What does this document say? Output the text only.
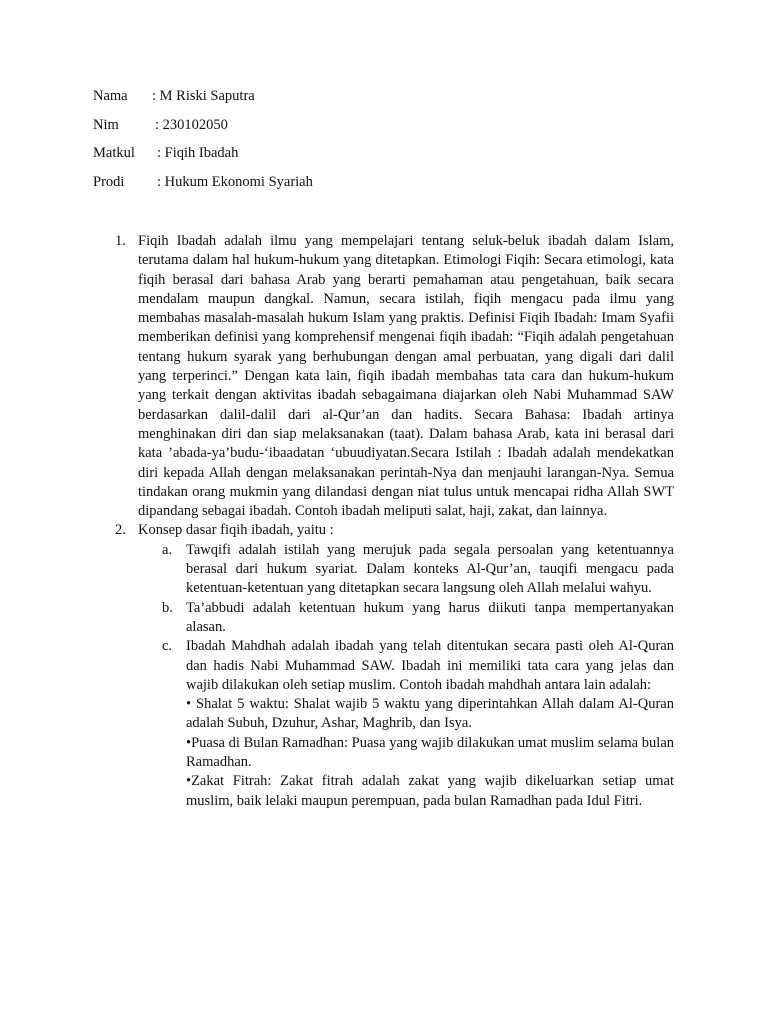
Nama : M Riski Saputra
Nim : 230102050
Matkul : Fiqih Ibadah
Prodi : Hukum Ekonomi Syariah
1. Fiqih Ibadah adalah ilmu yang mempelajari tentang seluk-beluk ibadah dalam Islam, terutama dalam hal hukum-hukum yang ditetapkan. Etimologi Fiqih: Secara etimologi, kata fiqih berasal dari bahasa Arab yang berarti pemahaman atau pengetahuan, baik secara mendalam maupun dangkal. Namun, secara istilah, fiqih mengacu pada ilmu yang membahas masalah-masalah hukum Islam yang praktis. Definisi Fiqih Ibadah: Imam Syafii memberikan definisi yang komprehensif mengenai fiqih ibadah: “Fiqih adalah pengetahuan tentang hukum syarak yang berhubungan dengan amal perbuatan, yang digali dari dalil yang terperinci.” Dengan kata lain, fiqih ibadah membahas tata cara dan hukum-hukum yang terkait dengan aktivitas ibadah sebagaimana diajarkan oleh Nabi Muhammad SAW berdasarkan dalil-dalil dari al-Qur’an dan hadits. Secara Bahasa: Ibadah artinya menghinakan diri dan siap melaksanakan (taat). Dalam bahasa Arab, kata ini berasal dari kata ’abada-ya’budu-‘ibaadatan ‘ubuudiyatan.Secara Istilah : Ibadah adalah mendekatkan diri kepada Allah dengan melaksanakan perintah-Nya dan menjauhi larangan-Nya. Semua tindakan orang mukmin yang dilandasi dengan niat tulus untuk mencapai ridha Allah SWT dipandang sebagai ibadah. Contoh ibadah meliputi salat, haji, zakat, dan lainnya.
2. Konsep dasar fiqih ibadah, yaitu :
a. Tawqifi adalah istilah yang merujuk pada segala persoalan yang ketentuannya berasal dari hukum syariat. Dalam konteks Al-Qur’an, tauqifi mengacu pada ketentuan-ketentuan yang ditetapkan secara langsung oleh Allah melalui wahyu.
b. Ta’abbudi adalah ketentuan hukum yang harus diikuti tanpa mempertanyakan alasan.
c. Ibadah Mahdhah adalah ibadah yang telah ditentukan secara pasti oleh Al-Quran dan hadis Nabi Muhammad SAW. Ibadah ini memiliki tata cara yang jelas dan wajib dilakukan oleh setiap muslim. Contoh ibadah mahdhah antara lain adalah:
• Shalat 5 waktu: Shalat wajib 5 waktu yang diperintahkan Allah dalam Al-Quran adalah Subuh, Dzuhur, Ashar, Maghrib, dan Isya.
•Puasa di Bulan Ramadhan: Puasa yang wajib dilakukan umat muslim selama bulan Ramadhan.
•Zakat Fitrah: Zakat fitrah adalah zakat yang wajib dikeluarkan setiap umat muslim, baik lelaki maupun perempuan, pada bulan Ramadhan pada Idul Fitri.
